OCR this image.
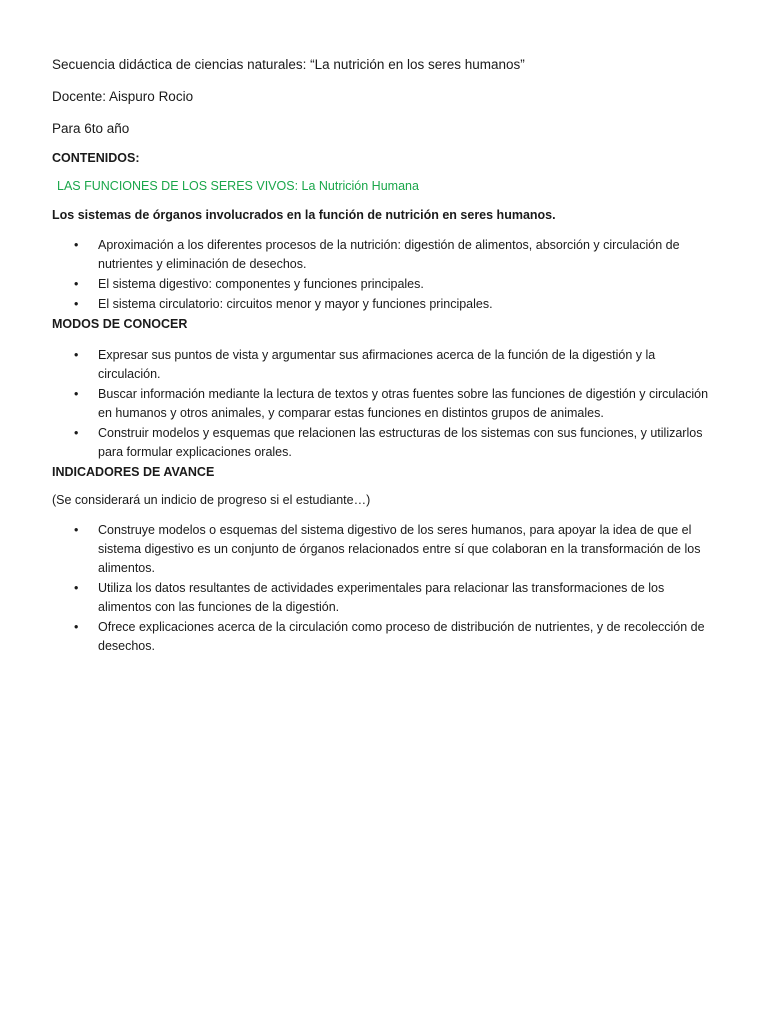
Secuencia didáctica de ciencias naturales: “La nutrición en los seres humanos”

Docente: Aispuro Rocio

Para 6to año

CONTENIDOS:

LAS FUNCIONES DE LOS SERES VIVOS: La Nutrición Humana

Los sistemas de órganos involucrados en la función de nutrición en seres humanos.

• Aproximación a los diferentes procesos de la nutrición: digestión de alimentos, absorción y circulación de nutrientes y eliminación de desechos.
• El sistema digestivo: componentes y funciones principales.
• El sistema circulatorio: circuitos menor y mayor y funciones principales.

MODOS DE CONOCER

• Expresar sus puntos de vista y argumentar sus afirmaciones acerca de la función de la digestión y la circulación.
• Buscar información mediante la lectura de textos y otras fuentes sobre las funciones de digestión y circulación en humanos y otros animales, y comparar estas funciones en distintos grupos de animales.
• Construir modelos y esquemas que relacionen las estructuras de los sistemas con sus funciones, y utilizarlos para formular explicaciones orales.

INDICADORES DE AVANCE

(Se considerará un indicio de progreso si el estudiante…)

• Construye modelos o esquemas del sistema digestivo de los seres humanos, para apoyar la idea de que el sistema digestivo es un conjunto de órganos relacionados entre sí que colaboran en la transformación de los alimentos.
• Utiliza los datos resultantes de actividades experimentales para relacionar las transformaciones de los alimentos con las funciones de la digestión.
• Ofrece explicaciones acerca de la circulación como proceso de distribución de nutrientes, y de recolección de desechos.
